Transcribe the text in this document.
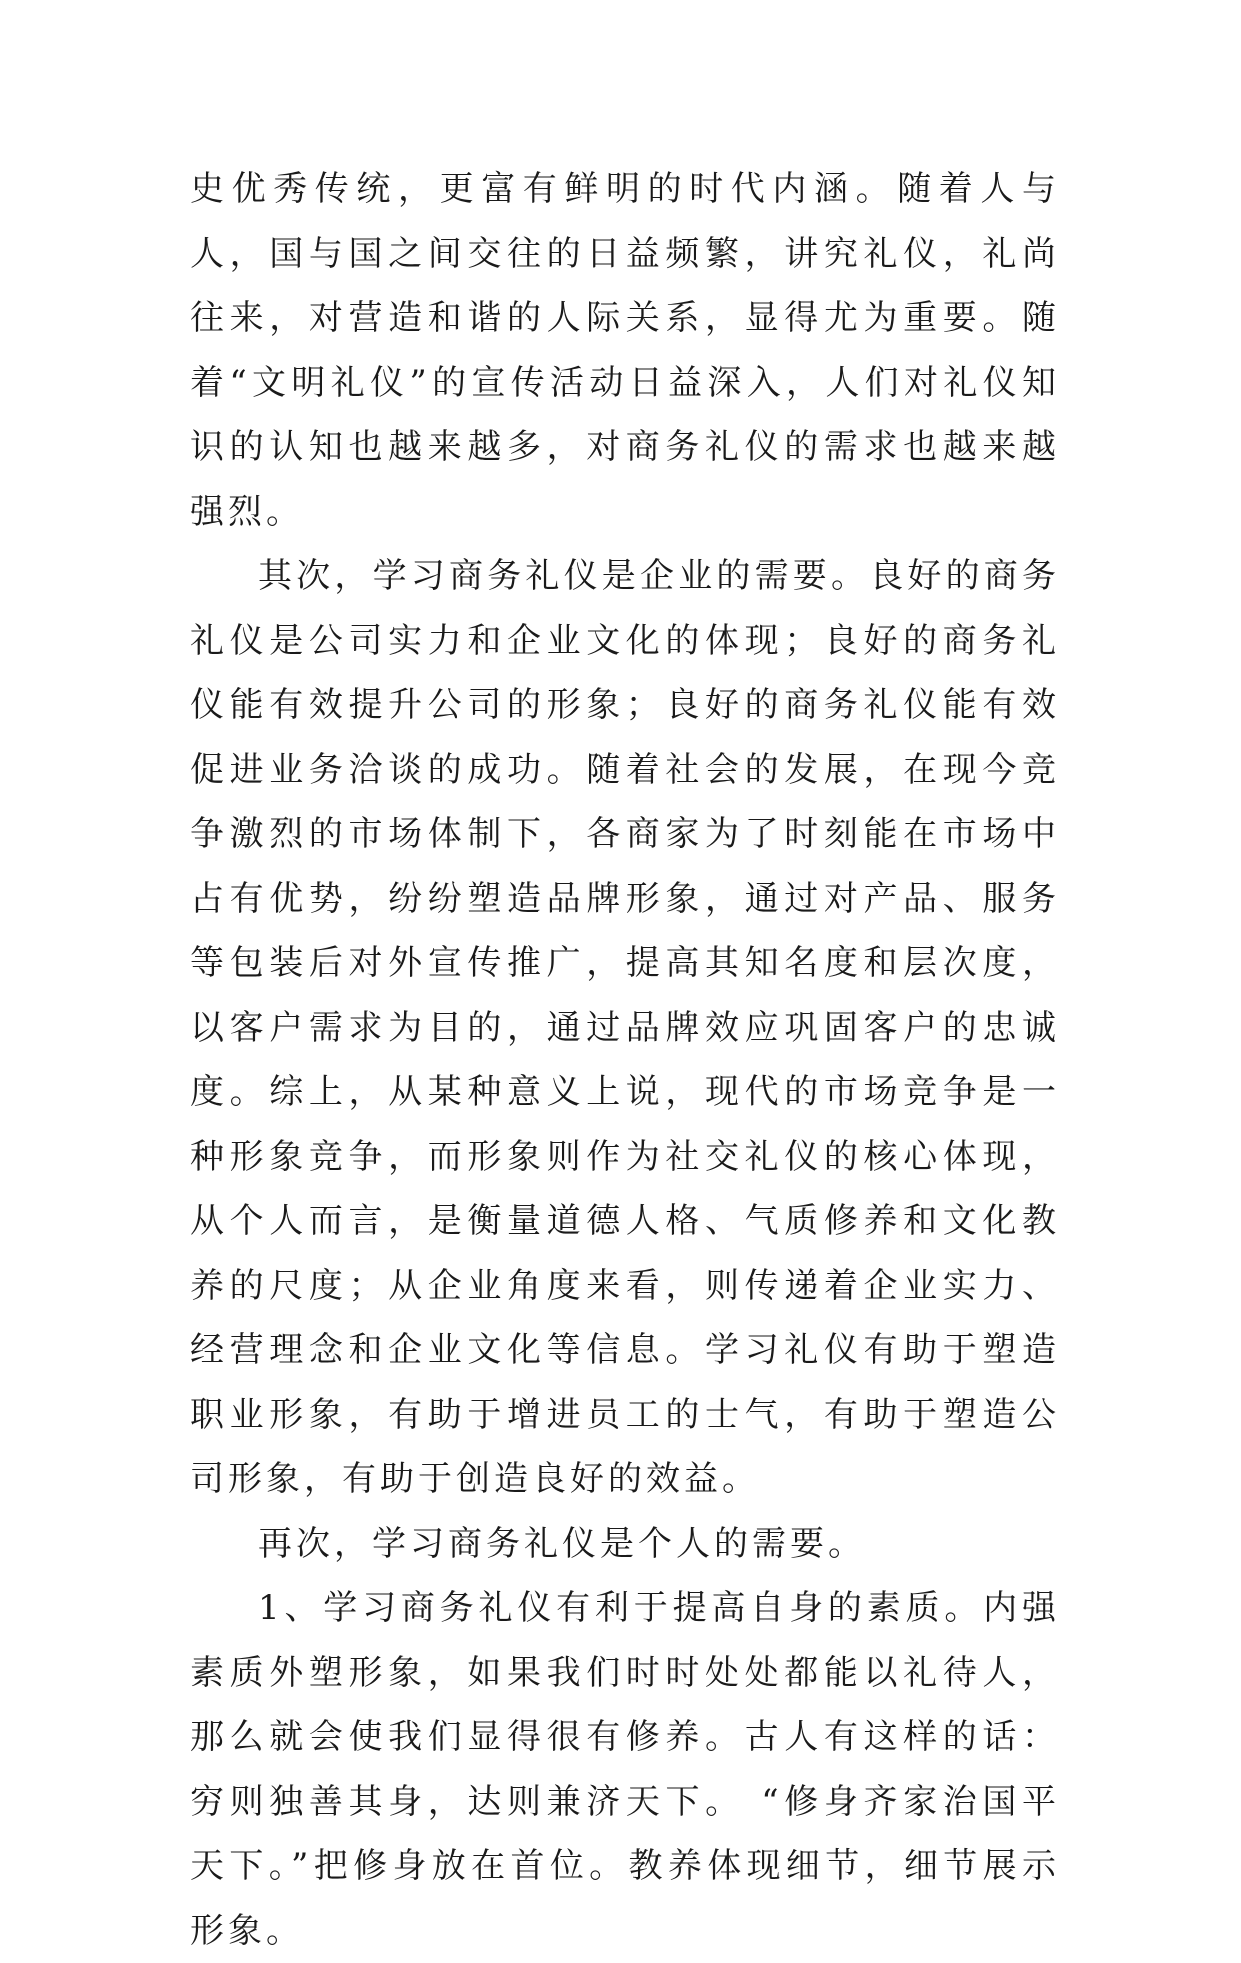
史优秀传统，更富有鲜明的时代内涵。随着人与人，国与国之间交往的日益频繁，讲究礼仪，礼尚往来，对营造和谐的人际关系，显得尤为重要。随着“文明礼仪”的宣传活动日益深入，人们对礼仪知识的认知也越来越多，对商务礼仪的需求也越来越强烈。

其次，学习商务礼仪是企业的需要。良好的商务礼仪是公司实力和企业文化的体现；良好的商务礼仪能有效提升公司的形象；良好的商务礼仪能有效促进业务洽谈的成功。随着社会的发展，在现今竞争激烈的市场体制下，各商家为了时刻能在市场中占有优势，纷纷塑造品牌形象，通过对产品、服务等包装后对外宣传推广，提高其知名度和层次度，以客户需求为目的，通过品牌效应巩固客户的忠诚度。综上，从某种意义上说，现代的市场竞争是一种形象竞争，而形象则作为社交礼仪的核心体现，从个人而言，是衡量道德人格、气质修养和文化教养的尺度；从企业角度来看，则传递着企业实力、经营理念和企业文化等信息。学习礼仪有助于塑造职业形象，有助于增进员工的士气，有助于塑造公司形象，有助于创造良好的效益。

再次，学习商务礼仪是个人的需要。

1、学习商务礼仪有利于提高自身的素质。内强素质外塑形象，如果我们时时处处都能以礼待人，那么就会使我们显得很有修养。古人有这样的话：穷则独善其身，达则兼济天下。 “修身齐家治国平天下。”把修身放在首位。教养体现细节，细节展示形象。
